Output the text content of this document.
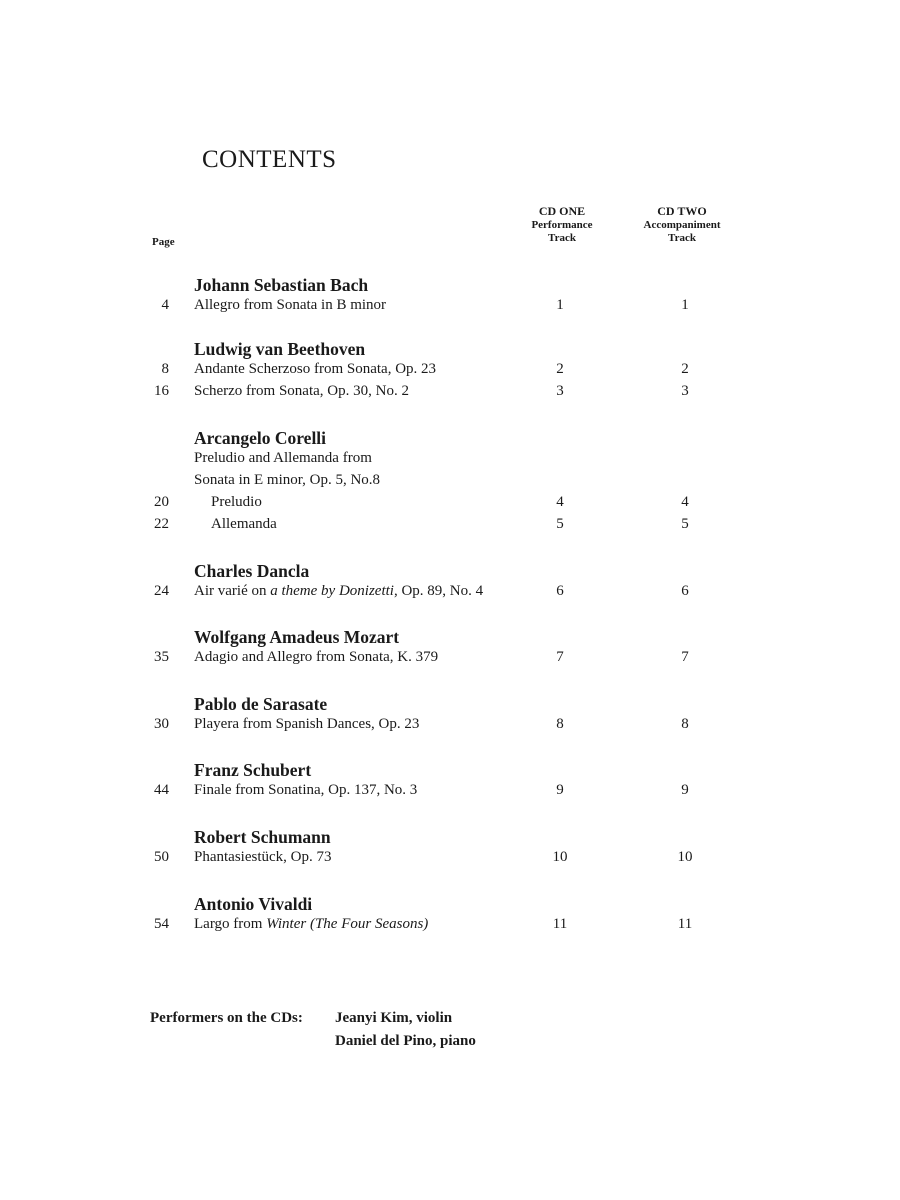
CONTENTS
Page
CD ONE
Performance
Track
CD TWO
Accompaniment
Track
Johann Sebastian Bach
4 Allegro from Sonata in B minor	1	1
Ludwig van Beethoven
8 Andante Scherzoso from Sonata, Op. 23	2	2
16 Scherzo from Sonata, Op. 30, No. 2	3	3
Arcangelo Corelli
Preludio and Allemanda from
Sonata in E minor, Op. 5, No.8
20	Preludio	4	4
22	Allemanda	5	5
Charles Dancla
24 Air varié on a theme by Donizetti, Op. 89, No. 4	6	6
Wolfgang Amadeus Mozart
35 Adagio and Allegro from Sonata, K. 379	7	7
Pablo de Sarasate
30 Playera from Spanish Dances, Op. 23	8	8
Franz Schubert
44 Finale from Sonatina, Op. 137, No. 3	9	9
Robert Schumann
50 Phantasiestück, Op. 73	10	10
Antonio Vivaldi
54 Largo from Winter (The Four Seasons)	11	11
Performers on the CDs: Jeanyi Kim, violin
Daniel del Pino, piano
